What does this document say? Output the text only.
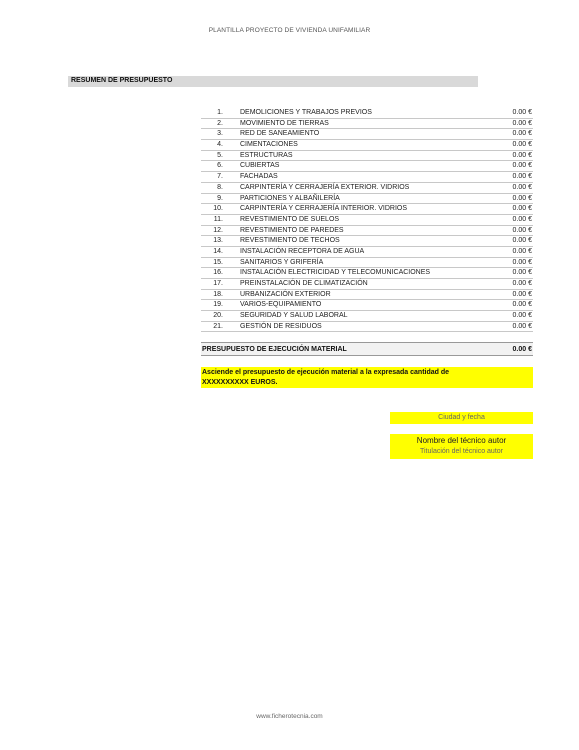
PLANTILLA PROYECTO DE VIVIENDA UNIFAMILIAR
RESUMEN DE PRESUPUESTO
1. DEMOLICIONES Y TRABAJOS PREVIOS	0.00 €
2. MOVIMIENTO DE TIERRAS	0.00 €
3. RED DE SANEAMIENTO	0.00 €
4. CIMENTACIONES	0.00 €
5. ESTRUCTURAS	0.00 €
6. CUBIERTAS	0.00 €
7. FACHADAS	0.00 €
8. CARPINTERÍA Y CERRAJERÍA EXTERIOR. VIDRIOS	0.00 €
9. PARTICIONES Y ALBAÑILERÍA	0.00 €
10. CARPINTERÍA Y CERRAJERÍA INTERIOR. VIDRIOS	0.00 €
11. REVESTIMIENTO DE SUELOS	0.00 €
12. REVESTIMIENTO DE PAREDES	0.00 €
13. REVESTIMIENTO DE TECHOS	0.00 €
14. INSTALACIÓN RECEPTORA DE AGUA	0.00 €
15. SANITARIOS Y GRIFERÍA	0.00 €
16. INSTALACIÓN ELECTRICIDAD Y TELECOMUNICACIONES	0.00 €
17. PREINSTALACIÓN DE CLIMATIZACIÓN	0.00 €
18. URBANIZACIÓN EXTERIOR	0.00 €
19. VARIOS-EQUIPAMIENTO	0.00 €
20. SEGURIDAD Y SALUD LABORAL	0.00 €
21. GESTIÓN DE RESIDUOS	0.00 €
PRESUPUESTO DE EJECUCIÓN MATERIAL	0.00 €
Asciende el presupuesto de ejecución material a la expresada cantidad de
XXXXXXXXXX EUROS.
Ciudad y fecha
Nombre del técnico autor
Titulación del técnico autor
www.ficherotecnia.com
